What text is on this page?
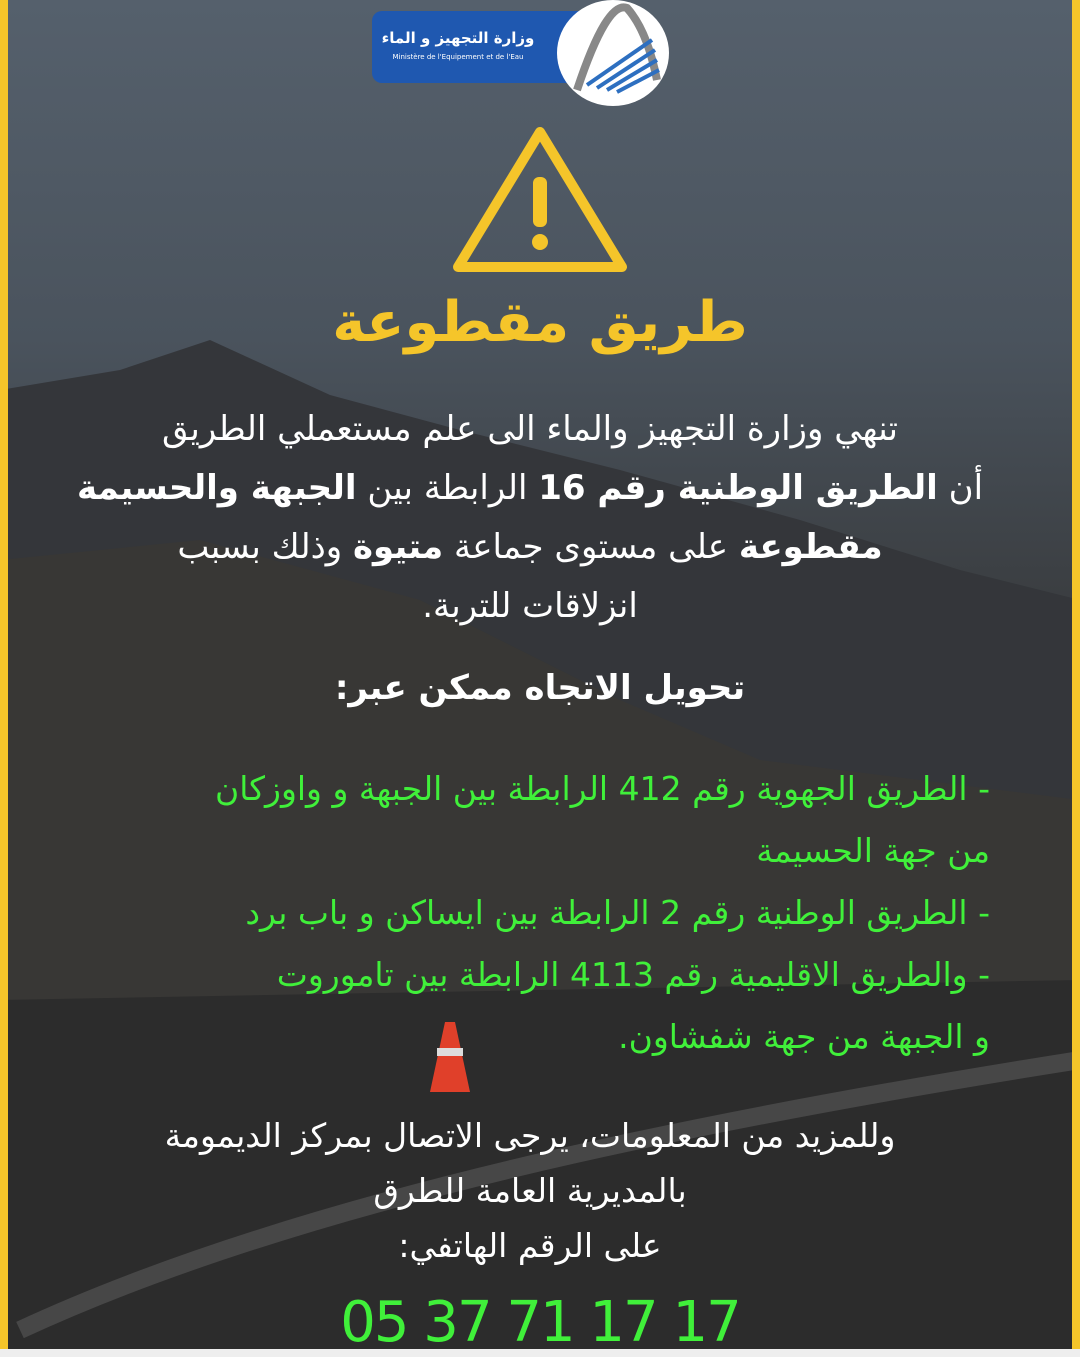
وزارة التجهيز و الماء
Ministère de l'Equipement et de l'Eau
طريق مقطوعة
تنهي وزارة التجهيز والماء الى علم مستعملي الطريق
أن الطريق الوطنية رقم 16 الرابطة بين الجبهة والحسيمة
مقطوعة على مستوى جماعة متيوة وذلك بسبب
انزلاقات للتربة.
تحويل الاتجاه ممكن عبر:
- الطريق الجهوية رقم 412 الرابطة بين الجبهة و واوزكان
من جهة الحسيمة
- الطريق الوطنية رقم 2 الرابطة بين ايساكن و باب برد
- والطريق الاقليمية رقم 4113 الرابطة بين تاموروت
و الجبهة من جهة شفشاون.
وللمزيد من المعلومات، يرجى الاتصال بمركز الديمومة
بالمديرية العامة للطرق
على الرقم الهاتفي:
05 37 71 17 17
